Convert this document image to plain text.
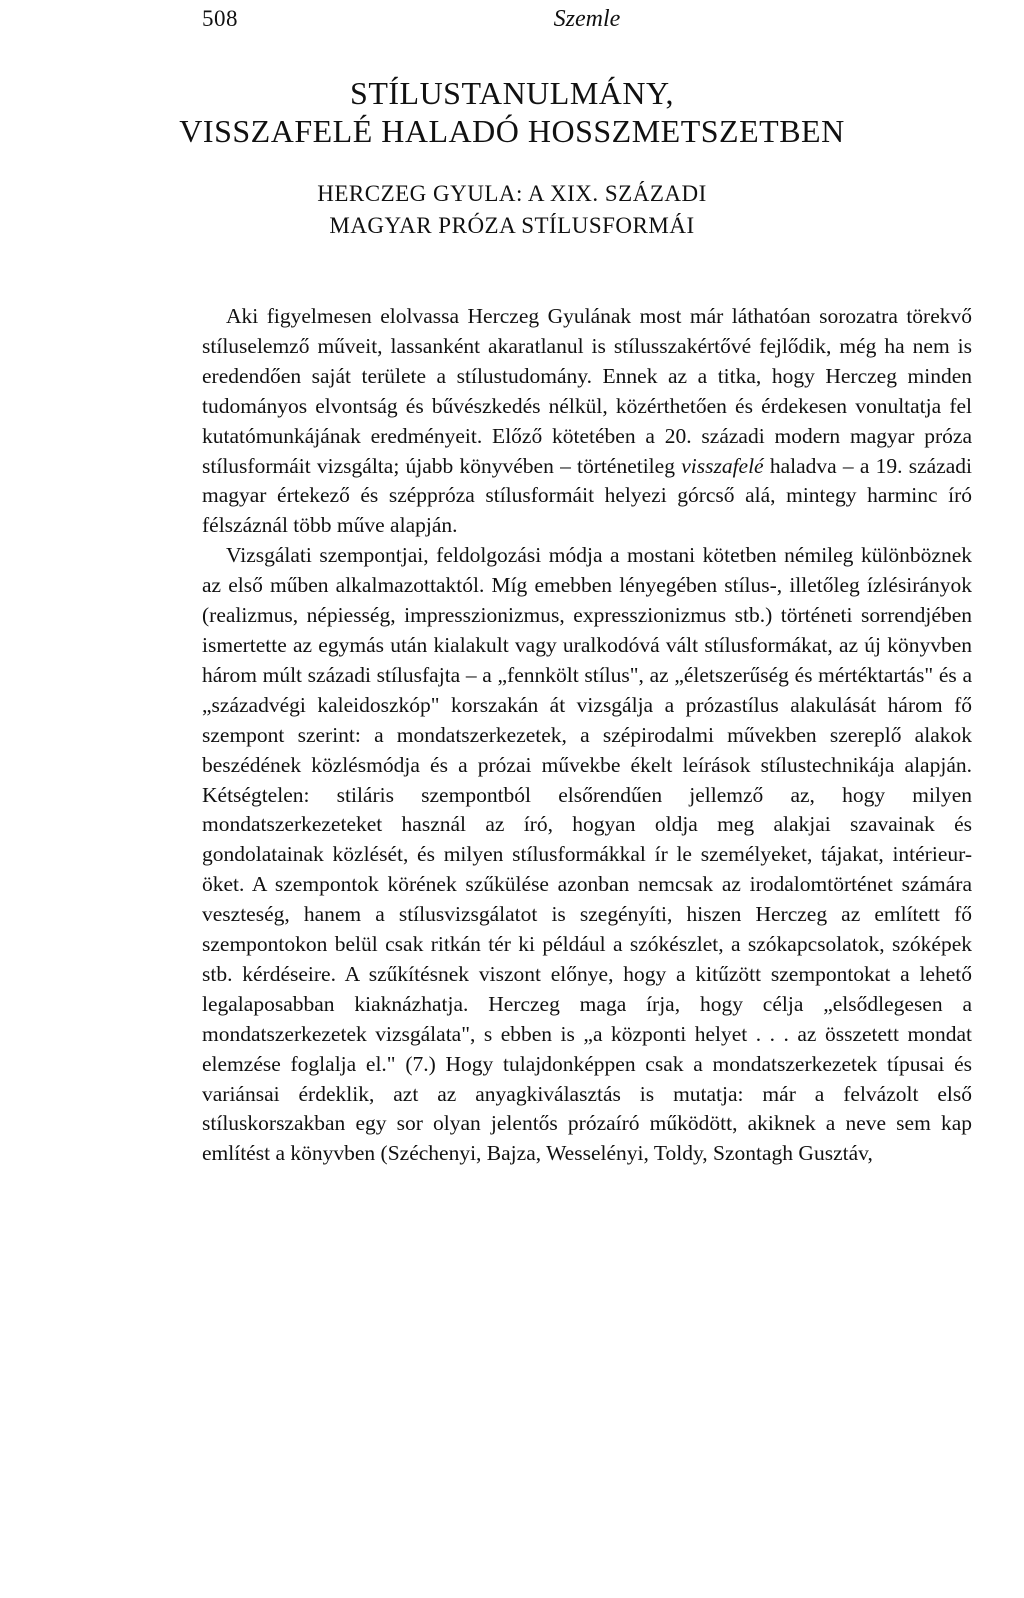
508	Szemle
STÍLUSTANULMÁNY,
VISSZAFELÉ HALADÓ HOSSZMETSZETBEN
HERCZEG GYULA: A XIX. SZÁZADI
MAGYAR PRÓZA STÍLUSFORMÁI

Aki figyelmesen elolvassa Herczeg Gyulának most már láthatóan sorozatra törekvő stíluselemző műveit, lassanként akaratlanul is stílusszakértővé fejlődik, még ha nem is eredendően saját területe a stílustudomány. Ennek az a titka, hogy Herczeg minden tudományos elvontság és bűvészkedés nélkül, közérthetően és érdekesen vonultatja fel kutatómunkájának eredményeit. Előző kötetében a 20. századi modern magyar próza stílusformáit vizsgálta; újabb könyvében – történetileg visszafelé haladva – a 19. századi magyar értekező és széppróza stílusformáit helyezi górcső alá, mintegy harminc író félszáznál több műve alapján.

Vizsgálati szempontjai, feldolgozási módja a mostani kötetben némileg különböznek az első műben alkalmazottaktól. Míg emebben lényegében stílus-, illetőleg ízlésirányok (realizmus, népiesség, impresszionizmus, expresszionizmus stb.) történeti sorrendjében ismertette az egymás után kialakult vagy uralkodóvá vált stílusformákat, az új könyvben három múlt századi stílusfajta – a „fennkölt stílus", az „életszerűség és mértéktartás" és a „századvégi kaleidoszkóp" korszakán át vizsgálja a prózastílus alakulását három fő szempont szerint: a mondatszerkezetek, a szépirodalmi művekben szereplő alakok beszédének közlésmódja és a prózai művekbe ékelt leírások stílustechnikája alapján. Kétségtelen: stiláris szempontból elsőrendűen jellemző az, hogy milyen mondatszerkezeteket használ az író, hogyan oldja meg alakjai szavainak és gondolatainak közlését, és milyen stílusformákkal ír le személyeket, tájakat, intérieur-öket. A szempontok körének szűkülése azonban nemcsak az irodalomtörténet számára veszteség, hanem a stílusvizsgálatot is szegényíti, hiszen Herczeg az említett fő szempontokon belül csak ritkán tér ki például a szókészlet, a szókapcsolatok, szóképek stb. kérdéseire. A szűkítésnek viszont előnye, hogy a kitűzött szempontokat a lehető legalaposabban kiaknázhatja. Herczeg maga írja, hogy célja „elsődlegesen a mondatszerkezetek vizsgálata", s ebben is „a központi helyet . . . az összetett mondat elemzése foglalja el." (7.) Hogy tulajdonképpen csak a mondatszerkezetek típusai és variánsai érdeklik, azt az anyagkiválasztás is mutatja: már a felvázolt első stíluskorszakban egy sor olyan jelentős prózaíró működött, akiknek a neve sem kap említést a könyvben (Széchenyi, Bajza, Wesselényi, Toldy, Szontagh Gusztáv,
